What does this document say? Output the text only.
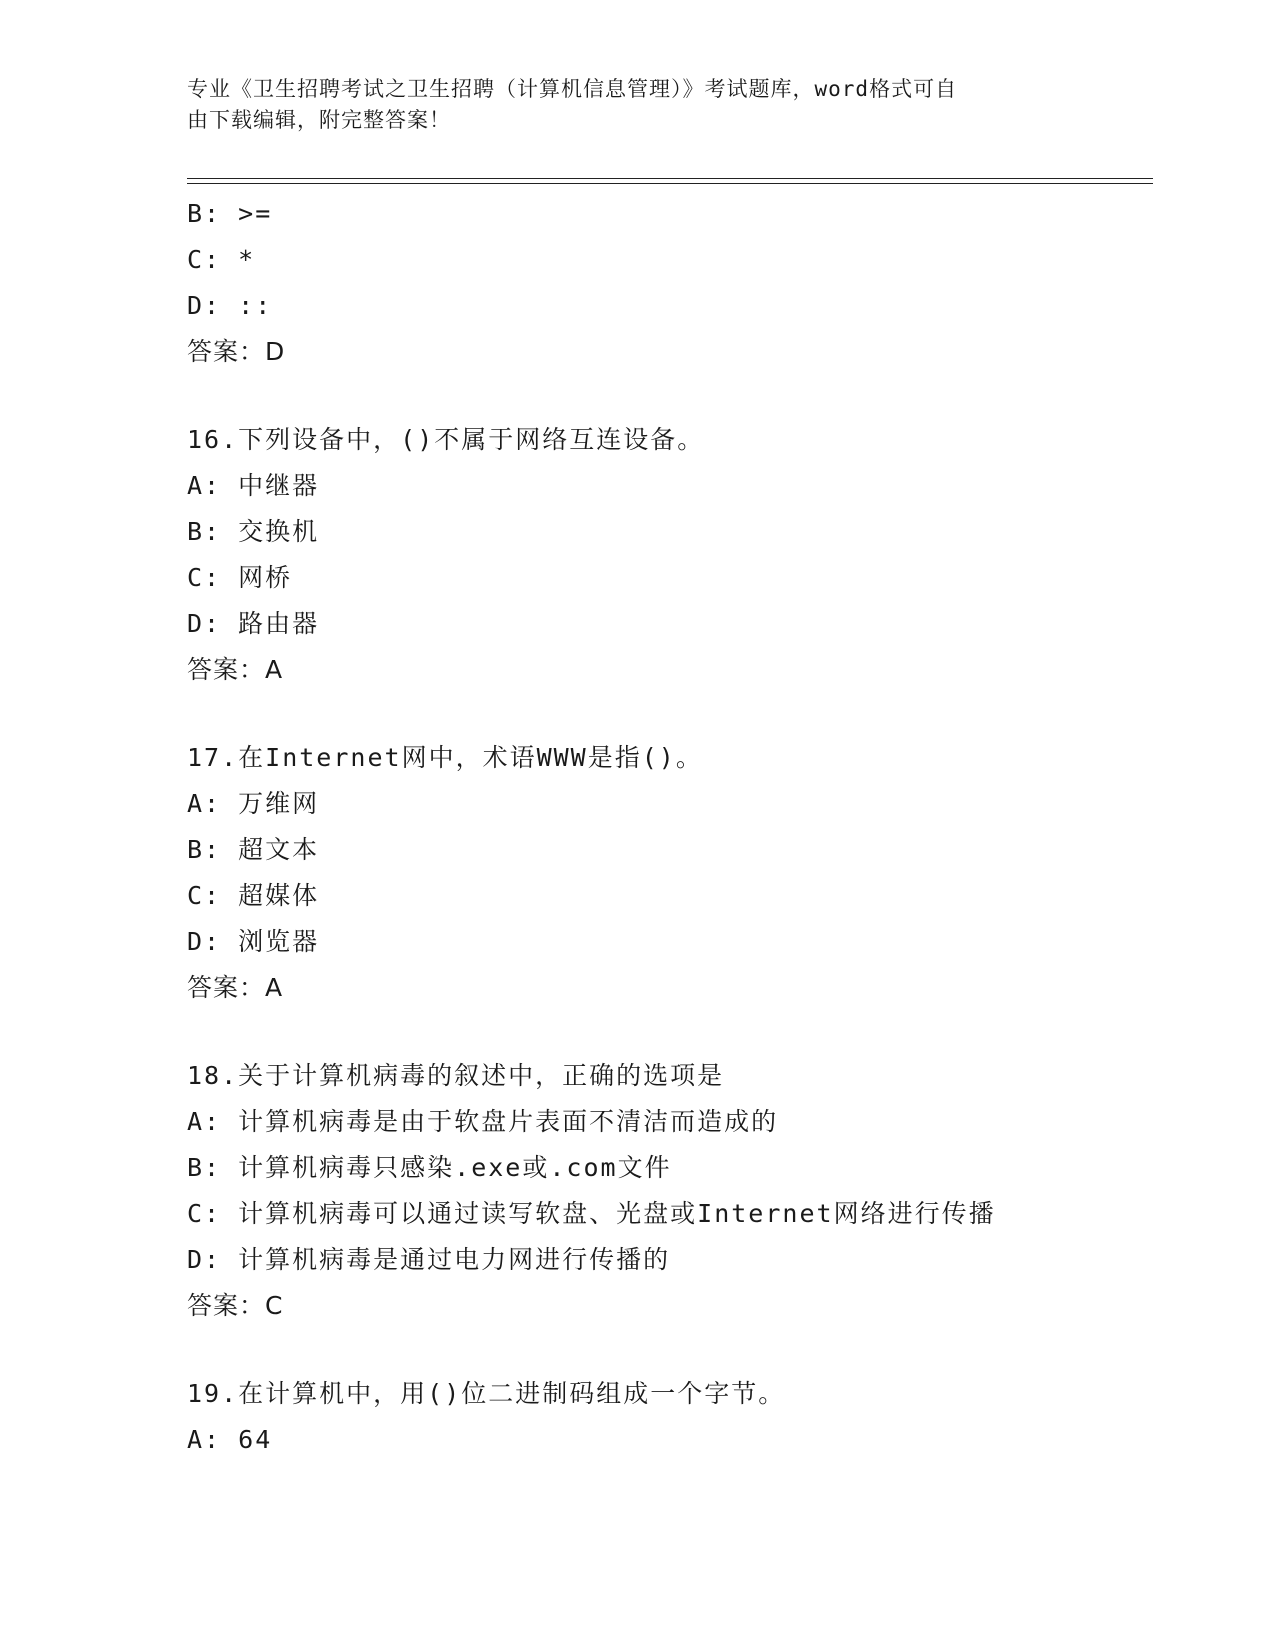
专业《卫生招聘考试之卫生招聘（计算机信息管理）》考试题库，word格式可自
由下载编辑，附完整答案！
B: >=
C: *
D: ::
答案：D
16.下列设备中，()不属于网络互连设备。
A: 中继器
B: 交换机
C: 网桥
D: 路由器
答案：A
17.在Internet网中，术语WWW是指()。
A: 万维网
B: 超文本
C: 超媒体
D: 浏览器
答案：A
18.关于计算机病毒的叙述中，正确的选项是
A: 计算机病毒是由于软盘片表面不清洁而造成的
B: 计算机病毒只感染.exe或.com文件
C: 计算机病毒可以通过读写软盘、光盘或Internet网络进行传播
D: 计算机病毒是通过电力网进行传播的
答案：C
19.在计算机中，用()位二进制码组成一个字节。
A: 64
